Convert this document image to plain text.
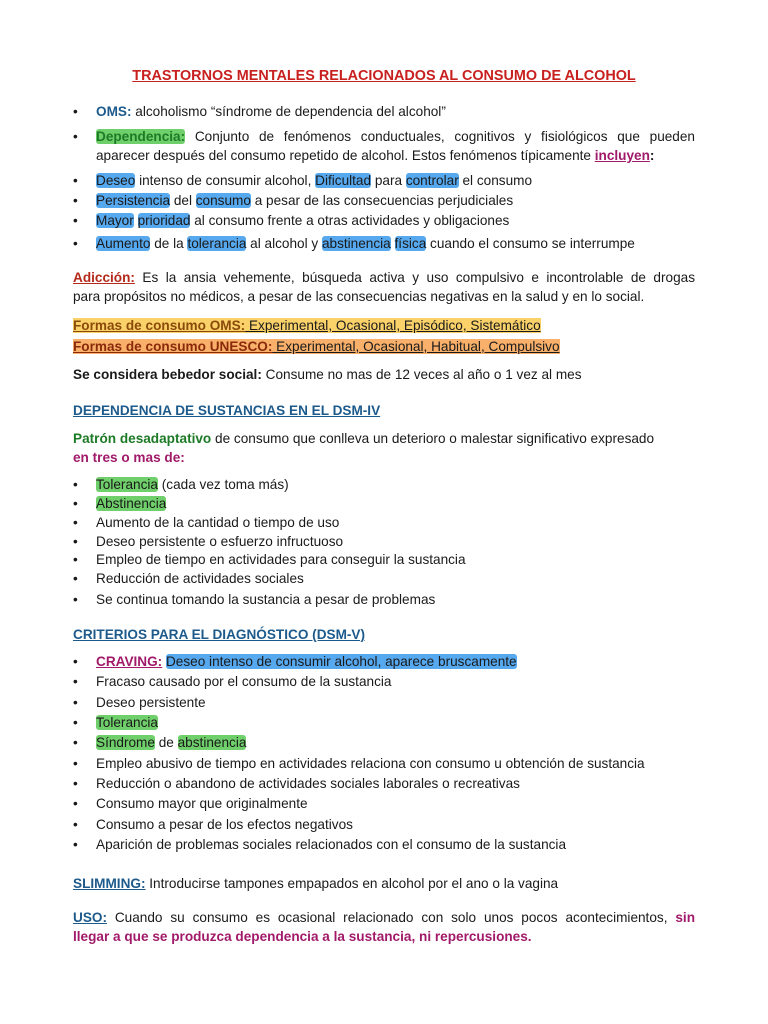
TRASTORNOS MENTALES RELACIONADOS AL CONSUMO DE ALCOHOL
• OMS: alcoholismo “síndrome de dependencia del alcohol”
• Dependencia: Conjunto de fenómenos conductuales, cognitivos y fisiológicos que pueden
aparecer después del consumo repetido de alcohol. Estos fenómenos típicamente incluyen:
• Deseo intenso de consumir alcohol, Dificultad para controlar el consumo
• Persistencia del consumo a pesar de las consecuencias perjudiciales
• Mayor prioridad al consumo frente a otras actividades y obligaciones
• Aumento de la tolerancia al alcohol y abstinencia física cuando el consumo se interrumpe
Adicción: Es la ansia vehemente, búsqueda activa y uso compulsivo e incontrolable de drogas
para propósitos no médicos, a pesar de las consecuencias negativas en la salud y en lo social.
Formas de consumo OMS: Experimental, Ocasional, Episódico, Sistemático
Formas de consumo UNESCO: Experimental, Ocasional, Habitual, Compulsivo
Se considera bebedor social: Consume no mas de 12 veces al año o 1 vez al mes
DEPENDENCIA DE SUSTANCIAS EN EL DSM-IV
Patrón desadaptativo de consumo que conlleva un deterioro o malestar significativo expresado
en tres o mas de:
• Tolerancia (cada vez toma más)
• Abstinencia
• Aumento de la cantidad o tiempo de uso
• Deseo persistente o esfuerzo infructuoso
• Empleo de tiempo en actividades para conseguir la sustancia
• Reducción de actividades sociales
• Se continua tomando la sustancia a pesar de problemas
CRITERIOS PARA EL DIAGNÓSTICO (DSM-V)
• CRAVING: Deseo intenso de consumir alcohol, aparece bruscamente
• Fracaso causado por el consumo de la sustancia
• Deseo persistente
• Tolerancia
• Síndrome de abstinencia
• Empleo abusivo de tiempo en actividades relaciona con consumo u obtención de sustancia
• Reducción o abandono de actividades sociales laborales o recreativas
• Consumo mayor que originalmente
• Consumo a pesar de los efectos negativos
• Aparición de problemas sociales relacionados con el consumo de la sustancia
SLIMMING: Introducirse tampones empapados en alcohol por el ano o la vagina
USO: Cuando su consumo es ocasional relacionado con solo unos pocos acontecimientos, sin
llegar a que se produzca dependencia a la sustancia, ni repercusiones.
